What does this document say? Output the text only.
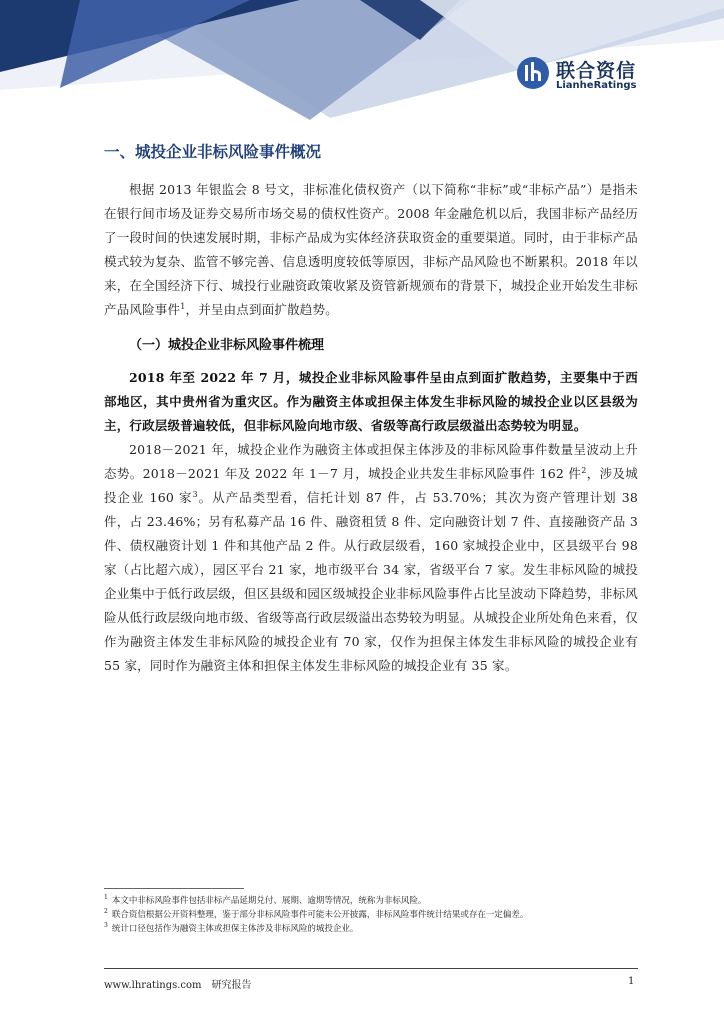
联合资信
LianheRatings
一、城投企业非标风险事件概况

根据 2013 年银监会 8 号文，非标准化债权资产（以下简称“非标”或“非标产品”）是指未在银行间市场及证券交易所市场交易的债权性资产。2008 年金融危机以后，我国非标产品经历了一段时间的快速发展时期，非标产品成为实体经济获取资金的重要渠道。同时，由于非标产品模式较为复杂、监管不够完善、信息透明度较低等原因，非标产品风险也不断累积。2018 年以来，在全国经济下行、城投行业融资政策收紧及资管新规颁布的背景下，城投企业开始发生非标产品风险事件$^1$，并呈由点到面扩散趋势。

（一）城投企业非标风险事件梳理

2018 年至 2022 年 7 月，城投企业非标风险事件呈由点到面扩散趋势，主要集中于西部地区，其中贵州省为重灾区。作为融资主体或担保主体发生非标风险的城投企业以区县级为主，行政层级普遍较低，但非标风险向地市级、省级等高行政层级溢出态势较为明显。

2018－2021 年，城投企业作为融资主体或担保主体涉及的非标风险事件数量呈波动上升态势。2018－2021 年及 2022 年 1－7 月，城投企业共发生非标风险事件 162 件$^2$，涉及城投企业 160 家$^3$。从产品类型看，信托计划 87 件，占 53.70%；其次为资产管理计划 38 件，占 23.46%；另有私募产品 16 件、融资租赁 8 件、定向融资计划 7 件、直接融资产品 3 件、债权融资计划 1 件和其他产品 2 件。从行政层级看，160 家城投企业中，区县级平台 98 家（占比超六成），园区平台 21 家，地市级平台 34 家，省级平台 7 家。发生非标风险的城投企业集中于低行政层级，但区县级和园区级城投企业非标风险事件占比呈波动下降趋势，非标风险从低行政层级向地市级、省级等高行政层级溢出态势较为明显。从城投企业所处角色来看，仅作为融资主体发生非标风险的城投企业有 70 家，仅作为担保主体发生非标风险的城投企业有 55 家，同时作为融资主体和担保主体发生非标风险的城投企业有 35 家。

$^1$ 本文中非标风险事件包括非标产品延期兑付、展期、逾期等情况，统称为非标风险。
$^2$ 联合资信根据公开资料整理，鉴于部分非标风险事件可能未公开披露，非标风险事件统计结果或存在一定偏差。
$^3$ 统计口径包括作为融资主体或担保主体涉及非标风险的城投企业。
www.lhratings.com 研究报告	1
